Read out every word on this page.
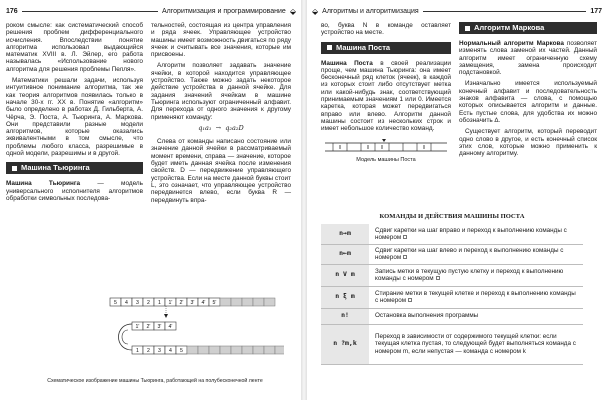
176	Алгоритмизация и программирование ⬙

роком смысле: как систематический способ решения проблем дифференциального исчисления. Впоследствии понятие алгоритма использовал выдающийся математик XVIII в. Л. Эйлер, его работа называлась «Использование нового алгоритма для решения проблемы Пелля».

Математики решали задачи, используя интуитивное понимание алгоритма, так же как теория алгоритмов появилась только в начале 30-х гг. XX в. Понятие «алгоритм» было определено в работах Д. Гильберта, А. Чёрча, Э. Поста, А. Тьюринга, А. Маркова. Они представили разные модели алгоритмов, которые оказались эквивалентными в том смысле, что проблемы любого класса, разрешимые в одной модели, разрешимы и в другой.

Машина Тьюринга

Машина Тьюринга — модель универсального исполнителя алгоритмов обработки символьных последова-

тельностей, состоящая из центра управления и ряда ячеек. Управляющее устройство машины имеет возможность двигаться по ряду ячеек и считывать все значения, которые им присвоены.

Алгоритм позволяет задавать значение ячейки, в которой находится управляющее устройство. Также можно задать некоторое действие устройства в данной ячейке. Для задания значений ячейкам в машине Тьюринга используют ограниченный алфавит. Для перехода от одного значения к другому применяют команду:

q₁a₁ → q₂a₂D

Слева от команды написано состояние или значение данной ячейки в рассматриваемый момент времени, справа — значение, которое будет иметь данная ячейка после изменения свойств. D — передвижение управляющего устройства. Если на месте данной буквы стоит L, это означает, что управляющее устройство передвинется влево, если буква R — передвинуть впра-

5 4 3 2 1 1' 2' 3' 4' 5'
1' 2' 3' 4'
1 2 3 4 5
Схематическое изображение машины Тьюринга, работающей на полубесконечной ленте
⬙ Алгоритмы и алгоритмизация	177

во, буква N в команде оставляет устройство на месте.

Машина Поста

Машина Поста в своей реализации проще, чем машина Тьюринга: она имеет бесконечный ряд клеток (ячеек), в каждой из которых стоит либо отсутствует метка или какой-нибудь знак, соответствующий принимаемым значениям 1 или 0. Имеется каретка, которая может передвигаться вправо или влево. Алгоритм данной машины состоит из нескольких строк и имеет небольшое количество команд.

Модель машины Поста
Алгоритм Маркова

Нормальный алгоритм Маркова позволяет изменять слова заменой их частей. Данный алгоритм имеет ограниченную схему замещения, замена происходит подстановкой.

Изначально имеется используемый конечный алфавит и последовательность знаков алфавита — слова, с помощью которых описывается алгоритм и данные. Есть пустые слова, для удобства их можно обозначить ∆.

Существует алгоритм, который переводит одно слово в другое, и есть конечный список этих слов, которые можно применить к данному алгоритму.

КОМАНДЫ И ДЕЙСТВИЯ МАШИНЫ ПОСТА
n→m	Сдвиг каретки на шаг вправо и переход к выполнению команды с номером
n←m	Сдвиг каретки на шаг влево и переход к выполнению команды с номером
n V m	Запись метки в текущую пустую клетку и переход к выполнению команды с номером
n ξ m	Стирание метки в текущей клетке и переход к выполнению команды с номером
n!	Остановка выполнения программы
n ?m,k	Переход в зависимости от содержимого текущей клетки: если текущая клетка пустая, то следующей будет выполняться команда с номером m, если непустая — команда с номером k
